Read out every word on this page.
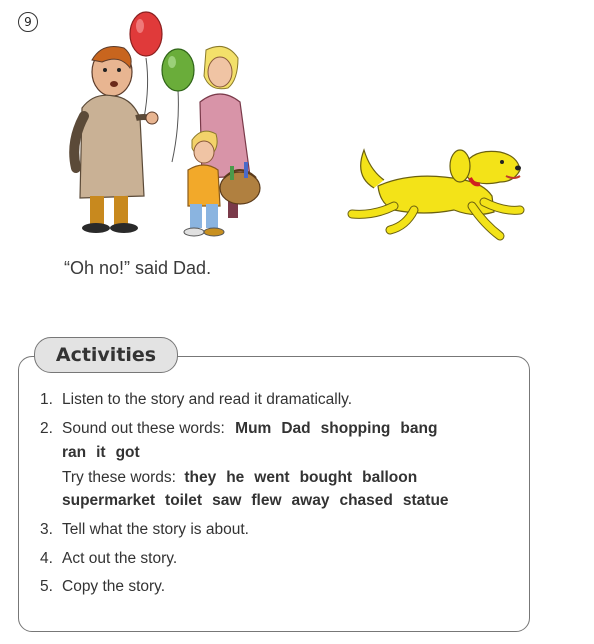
9
“Oh no!” said Dad.
Activities
1. Listen to the story and read it dramatically.
2. Sound out these words: Mum Dad shopping bang
ran it got
Try these words: they he went bought balloon
supermarket toilet saw flew away chased statue
3. Tell what the story is about.
4. Act out the story.
5. Copy the story.
